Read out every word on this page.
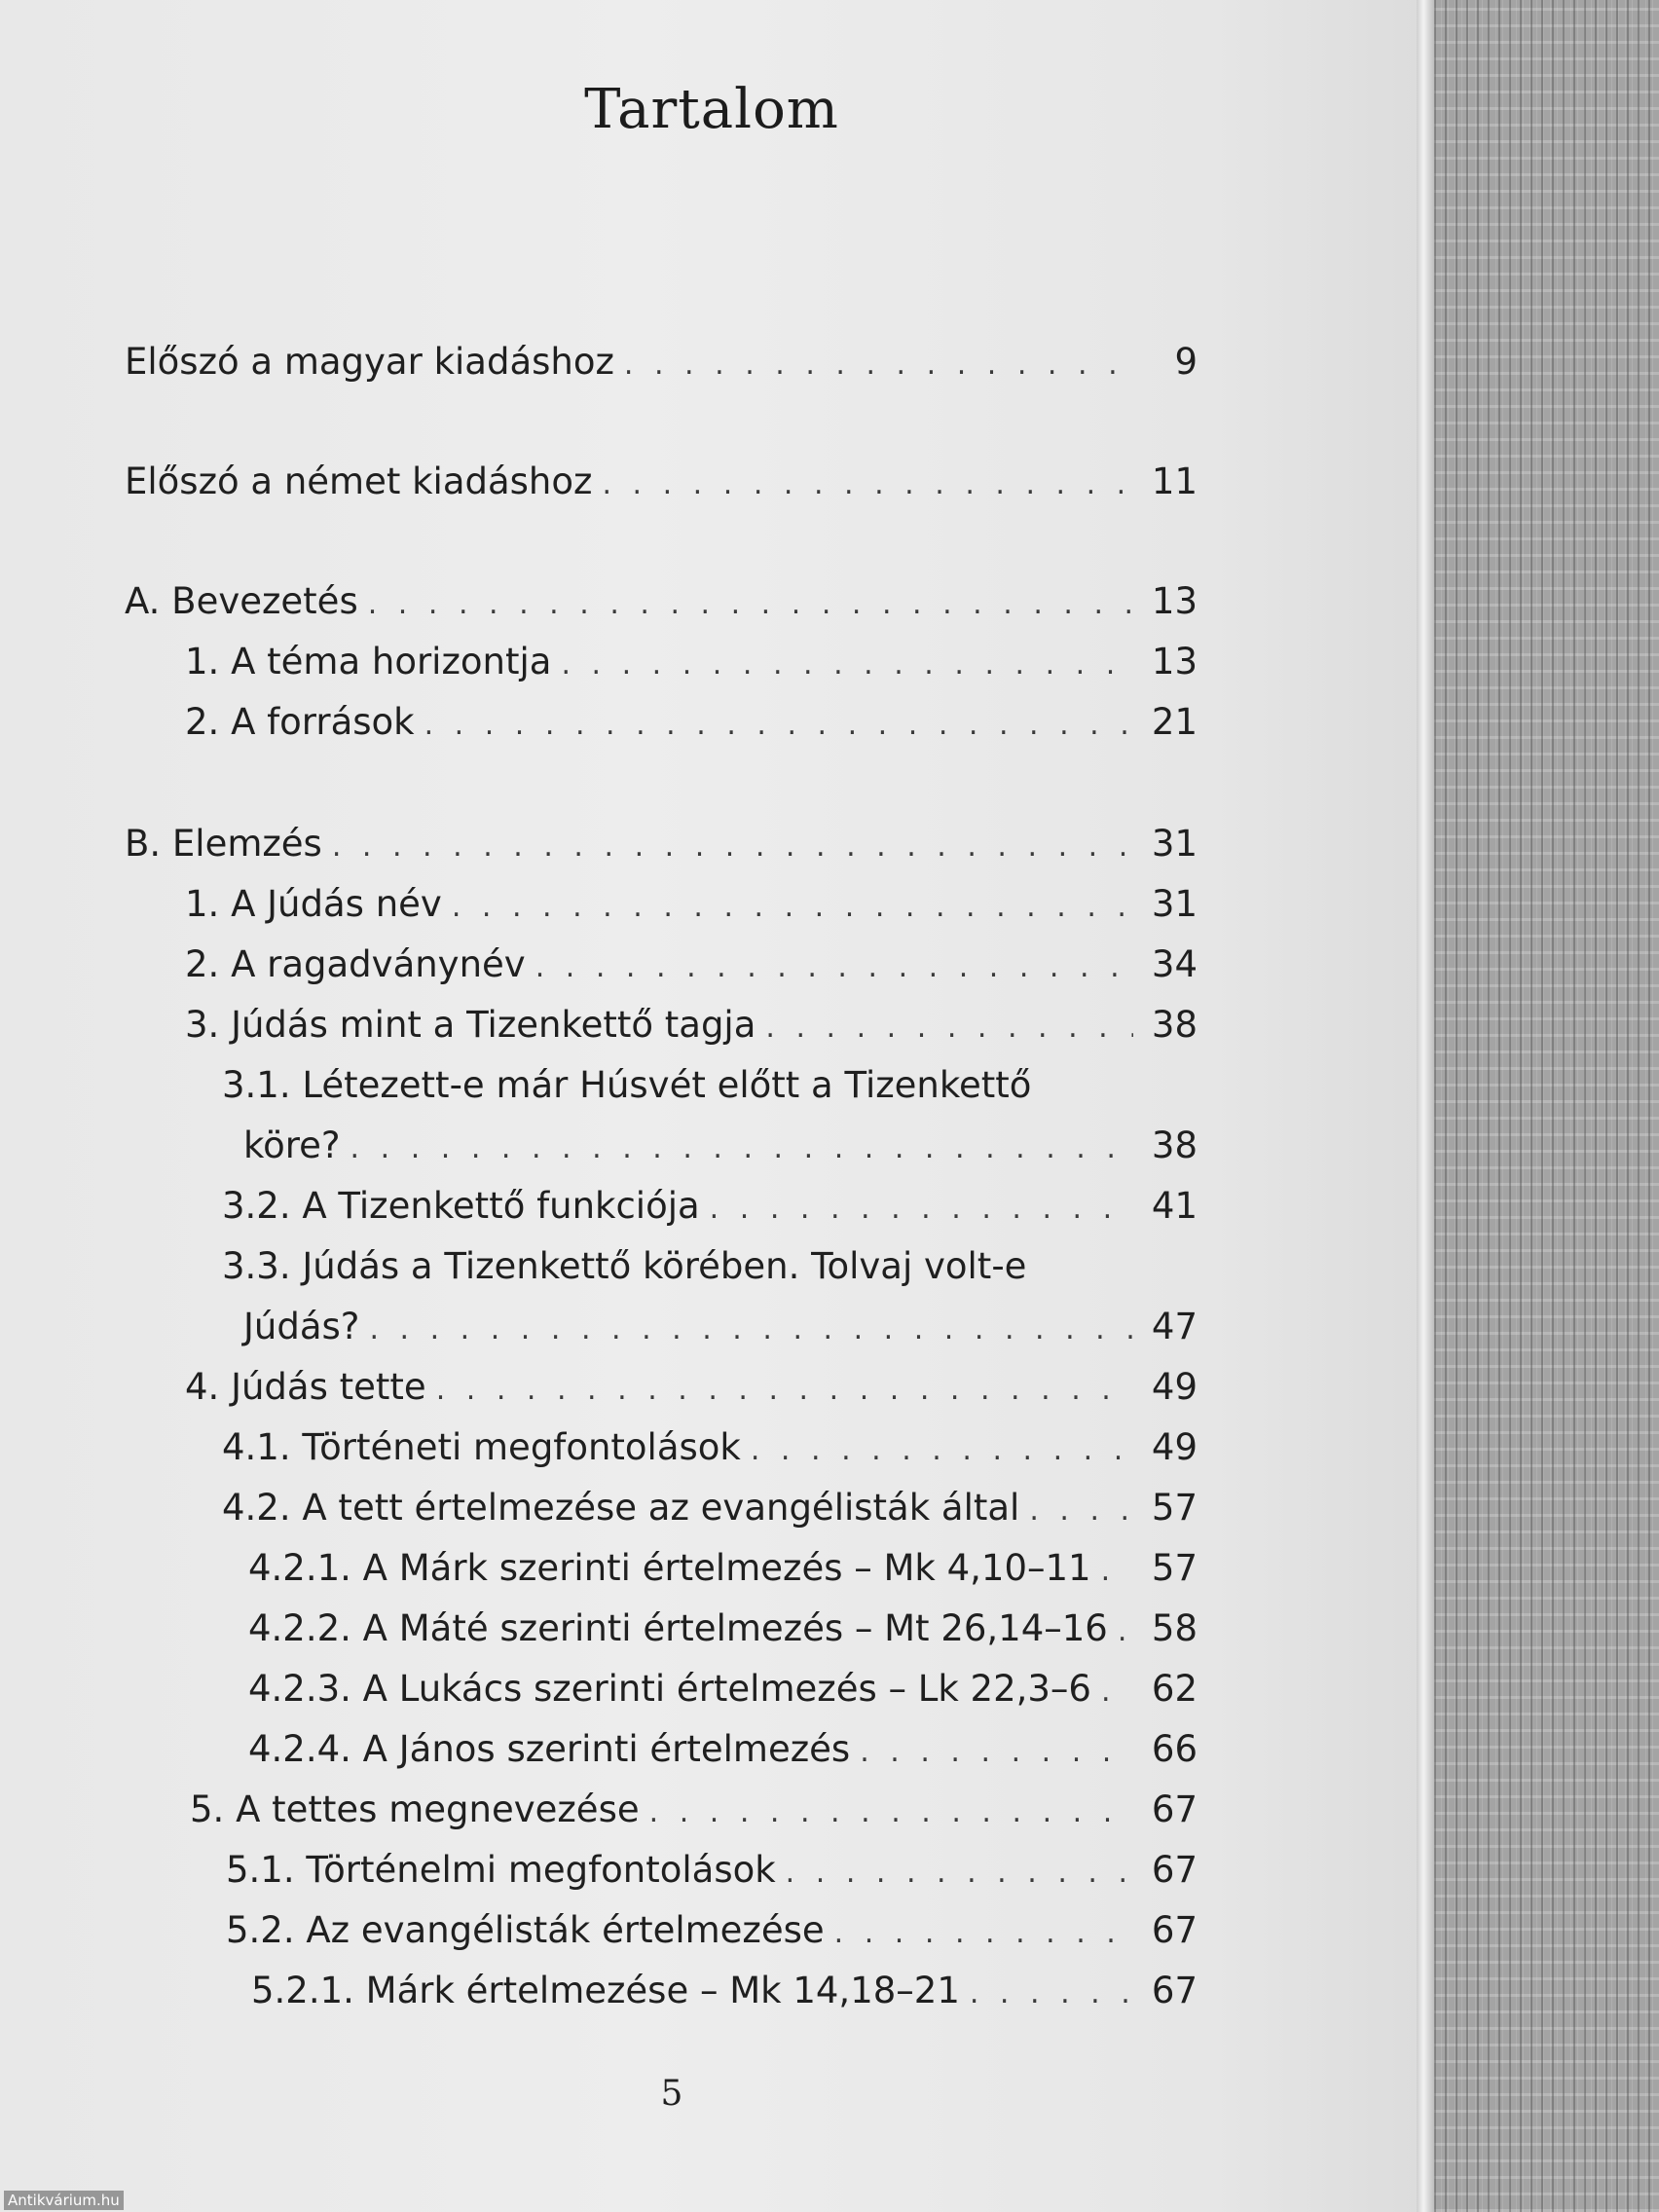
Tartalom
Előszó a magyar kiadáshoz . . .	9
Előszó a német kiadáshoz . . .	11
A. Bevezetés . . .	13
1. A téma horizontja . . .	13
2. A források . . .	21
B. Elemzés . . .	31
1. A Júdás név . . .	31
2. A ragadványnév . . .	34
3. Júdás mint a Tizenkettő tagja . . .	38
3.1. Létezett-e már Húsvét előtt a Tizenkettő
köre? . . .	38
3.2. A Tizenkettő funkciója . . .	41
3.3. Júdás a Tizenkettő körében. Tolvaj volt-e
Júdás? . . .	47
4. Júdás tette . . .	49
4.1. Történeti megfontolások . . .	49
4.2. A tett értelmezése az evangélisták által . . .	57
4.2.1. A Márk szerinti értelmezés – Mk 4,10–11 . . . 57
4.2.2. A Máté szerinti értelmezés – Mt 26,14–16 . . . 58
4.2.3. A Lukács szerinti értelmezés – Lk 22,3–6 . . . 62
4.2.4. A János szerinti értelmezés . . .	66
5. A tettes megnevezése . . .	67
5.1. Történelmi megfontolások . . .	67
5.2. Az evangélisták értelmezése . . .	67
5.2.1. Márk értelmezése – Mk 14,18–21 . . .	67
5
Antikvárium.hu
